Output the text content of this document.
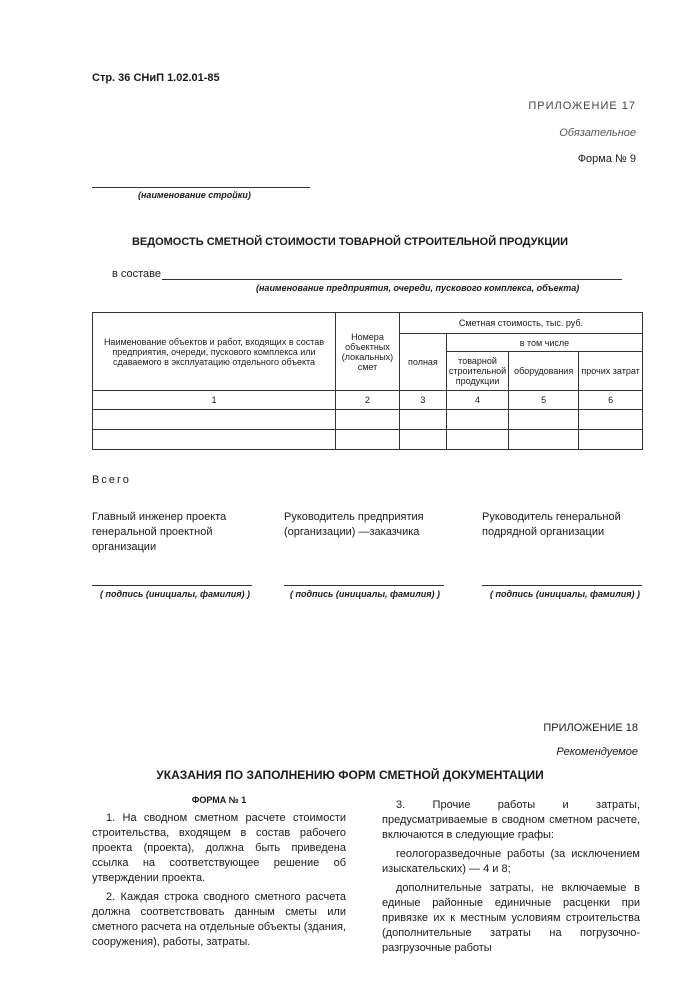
Стр. 36 СНиП 1.02.01-85
ПРИЛОЖЕНИЕ 17
Обязательное
Форма № 9
(наименование стройки)
ВЕДОМОСТЬ СМЕТНОЙ СТОИМОСТИ ТОВАРНОЙ СТРОИТЕЛЬНОЙ ПРОДУКЦИИ
в составе
(наименование предприятия, очереди, пускового комплекса, объекта)
Наименование объектов и работ, входящих в состав предприятия, очереди, пускового комплекса или сдаваемого в эксплуатацию отдельного объекта	Номера объектных (локальных) смет	Сметная стоимость, тыс. руб.			
		полная	в том числе		
			товарной строительной продукции	оборудования	прочих затрат
1	2	3	4	5	6

Всего
Главный инженер проекта генеральной проектной организации
Руководитель предприятия (организации) —заказчика
Руководитель генеральной подрядной организации
( подпись (инициалы, фамилия) )	( подпись (инициалы, фамилия) )	( подпись (инициалы, фамилия) )
ПРИЛОЖЕНИЕ 18
Рекомендуемое
УКАЗАНИЯ ПО ЗАПОЛНЕНИЮ ФОРМ СМЕТНОЙ ДОКУМЕНТАЦИИ
ФОРМА № 1

1. На сводном сметном расчете стоимости строительства, входящем в состав рабочего проекта (проекта), должна быть приведена ссылка на соответствующее решение об утверждении проекта.

2. Каждая строка сводного сметного расчета должна соответствовать данным сметы или сметного расчета на отдельные объекты (здания, сооружения), работы, затраты.

3. Прочие работы и затраты, предусматриваемые в сводном сметном расчете, включаются в следующие графы:

геологоразведочные работы (за исключением изыскательских) — 4 и 8;

дополнительные затраты, не включаемые в единые районные единичные расценки при привязке их к местным условиям строительства (дополнительные затраты на погрузочно-разгрузочные работы
